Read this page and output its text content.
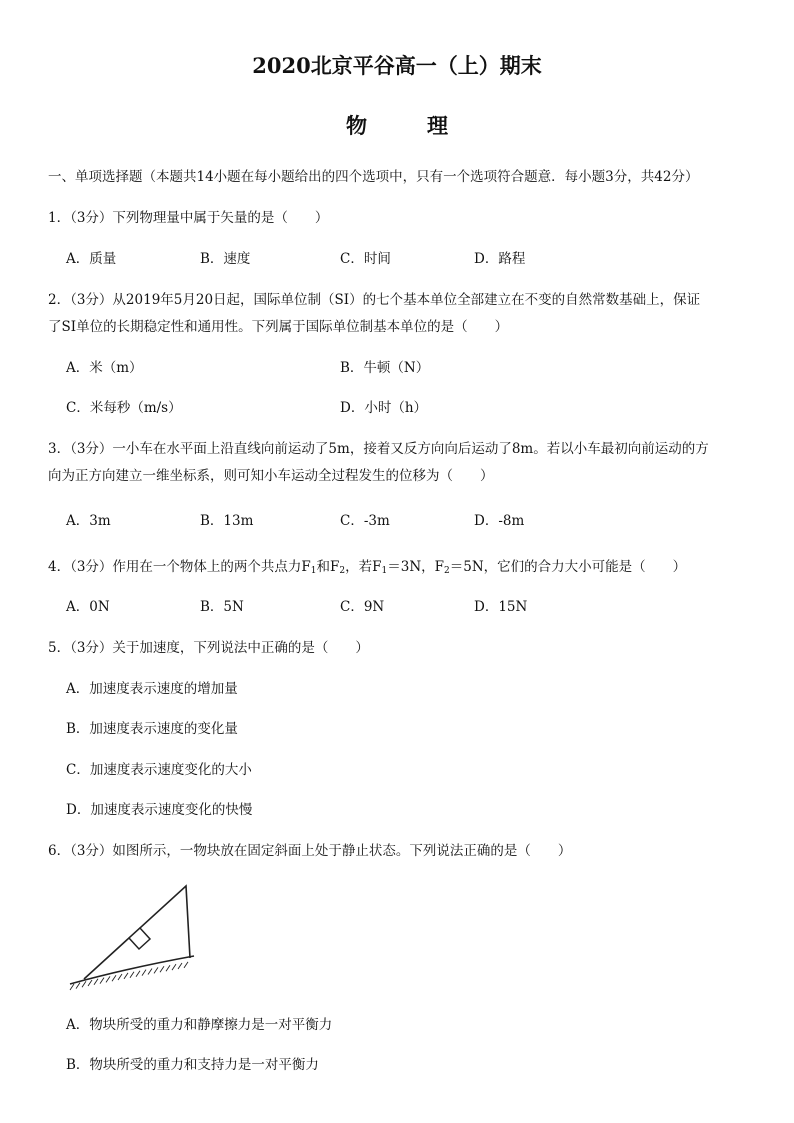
2020北京平谷高一（上）期末
物理
一、单项选择题（本题共14小题在每小题给出的四个选项中，只有一个选项符合题意．每小题3分，共42分）
1．（3分）下列物理量中属于矢量的是（　　）
A．质量	B．速度	C．时间	D．路程
2．（3分）从2019年5月20日起，国际单位制（SI）的七个基本单位全部建立在不变的自然常数基础上，保证
了SI单位的长期稳定性和通用性。下列属于国际单位制基本单位的是（　　）
A．米（m）	B．牛顿（N）
C．米每秒（m/s）	D．小时（h）
3．（3分）一小车在水平面上沿直线向前运动了5m，接着又反方向向后运动了8m。若以小车最初向前运动的方
向为正方向建立一维坐标系，则可知小车运动全过程发生的位移为（　　）
A．3m	B．13m	C．-3m	D．-8m
4．（3分）作用在一个物体上的两个共点力$F_1$和$F_2$，若$F_1=3N$，$F_2=5N$，它们的合力大小可能是（　　）
A．0N	B．5N	C．9N	D．15N
5．（3分）关于加速度，下列说法中正确的是（　　）
A．加速度表示速度的增加量
B．加速度表示速度的变化量
C．加速度表示速度变化的大小
D．加速度表示速度变化的快慢
6．（3分）如图所示，一物块放在固定斜面上处于静止状态。下列说法正确的是（　　）
A．物块所受的重力和静摩擦力是一对平衡力
B．物块所受的重力和支持力是一对平衡力
